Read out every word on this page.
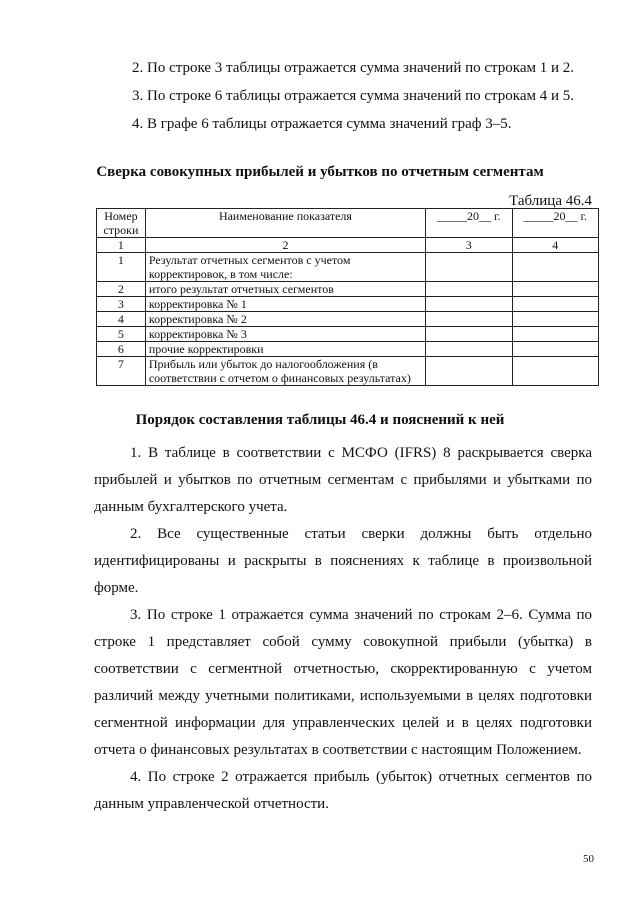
2. По строке 3 таблицы отражается сумма значений по строкам 1 и 2.
3. По строке 6 таблицы отражается сумма значений по строкам 4 и 5.
4. В графе 6 таблицы отражается сумма значений граф 3–5.
Сверка совокупных прибылей и убытков по отчетным сегментам
Таблица 46.4
Номер строки	Наименование показателя	_____20__ г.	_____20__ г.
1	2	3	4
1	Результат отчетных сегментов с учетом корректировок, в том числе:		
2	итого результат отчетных сегментов		
3	корректировка № 1		
4	корректировка № 2		
5	корректировка № 3		
6	прочие корректировки		
7	Прибыль или убыток до налогообложения (в соответствии с отчетом о финансовых результатах)		
Порядок составления таблицы 46.4 и пояснений к ней
1. В таблице в соответствии с МСФО (IFRS) 8 раскрывается сверка прибылей и убытков по отчетным сегментам с прибылями и убытками по данным бухгалтерского учета.
2. Все существенные статьи сверки должны быть отдельно идентифицированы и раскрыты в пояснениях к таблице в произвольной форме.
3. По строке 1 отражается сумма значений по строкам 2–6. Сумма по строке 1 представляет собой сумму совокупной прибыли (убытка) в соответствии с сегментной отчетностью, скорректированную с учетом различий между учетными политиками, используемыми в целях подготовки сегментной информации для управленческих целей и в целях подготовки отчета о финансовых результатах в соответствии с настоящим Положением.
4. По строке 2 отражается прибыль (убыток) отчетных сегментов по данным управленческой отчетности.
50
